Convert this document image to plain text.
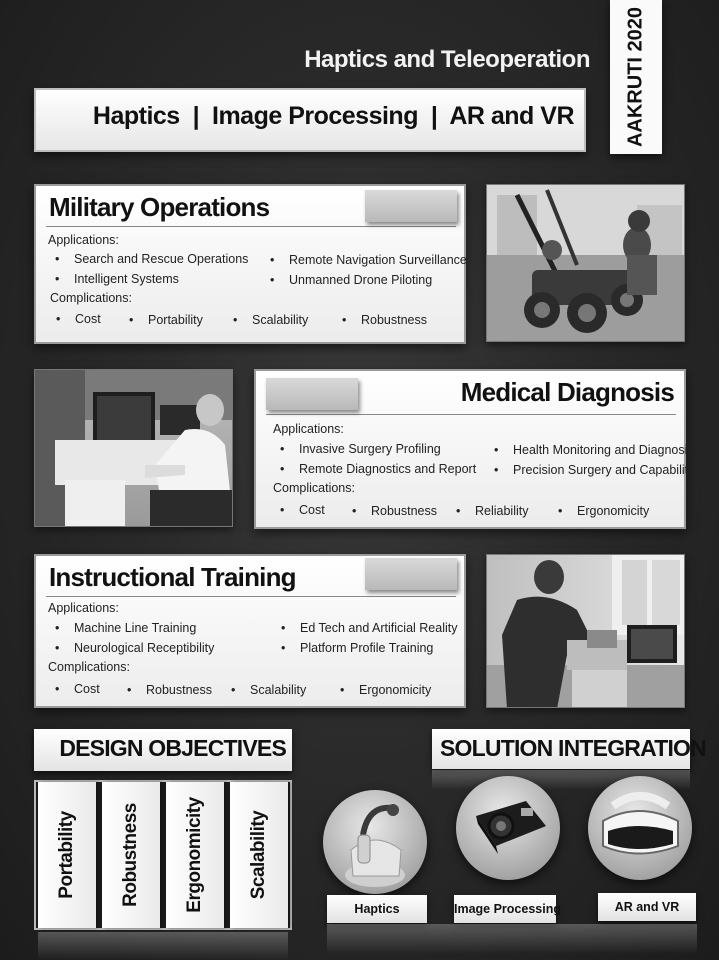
Haptics and Teleoperation
Haptics  |  Image Processing  |  AR and VR	AAKRUTI 2020
Military Operations
Applications:
• Search and Rescue Operations	• Remote Navigation Surveillance
• Intelligent Systems	• Unmanned Drone Piloting
Complications:
• Cost	• Portability	• Scalability	• Robustness
Medical Diagnosis
Applications:
• Invasive Surgery Profiling	• Health Monitoring and Diagnosis
• Remote Diagnostics and Report	• Precision Surgery and Capability
Complications:
• Cost	• Robustness	• Reliability	• Ergonomicity
Instructional Training
Applications:
• Machine Line Training	• Ed Tech and Artificial Reality
• Neurological Receptibility	• Platform Profile Training
Complications:
• Cost	• Robustness	• Scalability	• Ergonomicity
DESIGN OBJECTIVES
Portability Robustness Ergonomicity Scalability
SOLUTION INTEGRATION
Haptics	Image Processing	AR and VR
